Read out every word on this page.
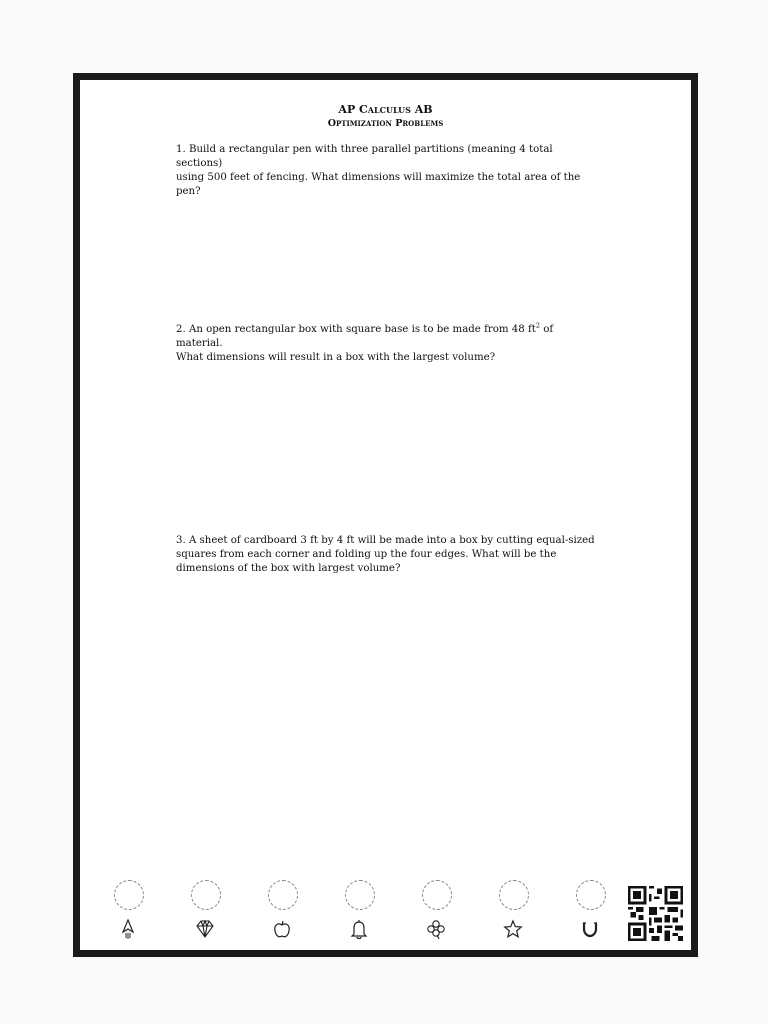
AP Calculus AB
Optimization Problems

1. Build a rectangular pen with three parallel partitions (meaning 4 total sections)

using 500 feet of fencing. What dimensions will maximize the total area of the pen?

2. An open rectangular box with square base is to be made from 48 $ft^2$ of material.

What dimensions will result in a box with the largest volume?

3. A sheet of cardboard 3 ft by 4 ft will be made into a box by cutting equal-sized

squares from each corner and folding up the four edges. What will be the

dimensions of the box with largest volume?
